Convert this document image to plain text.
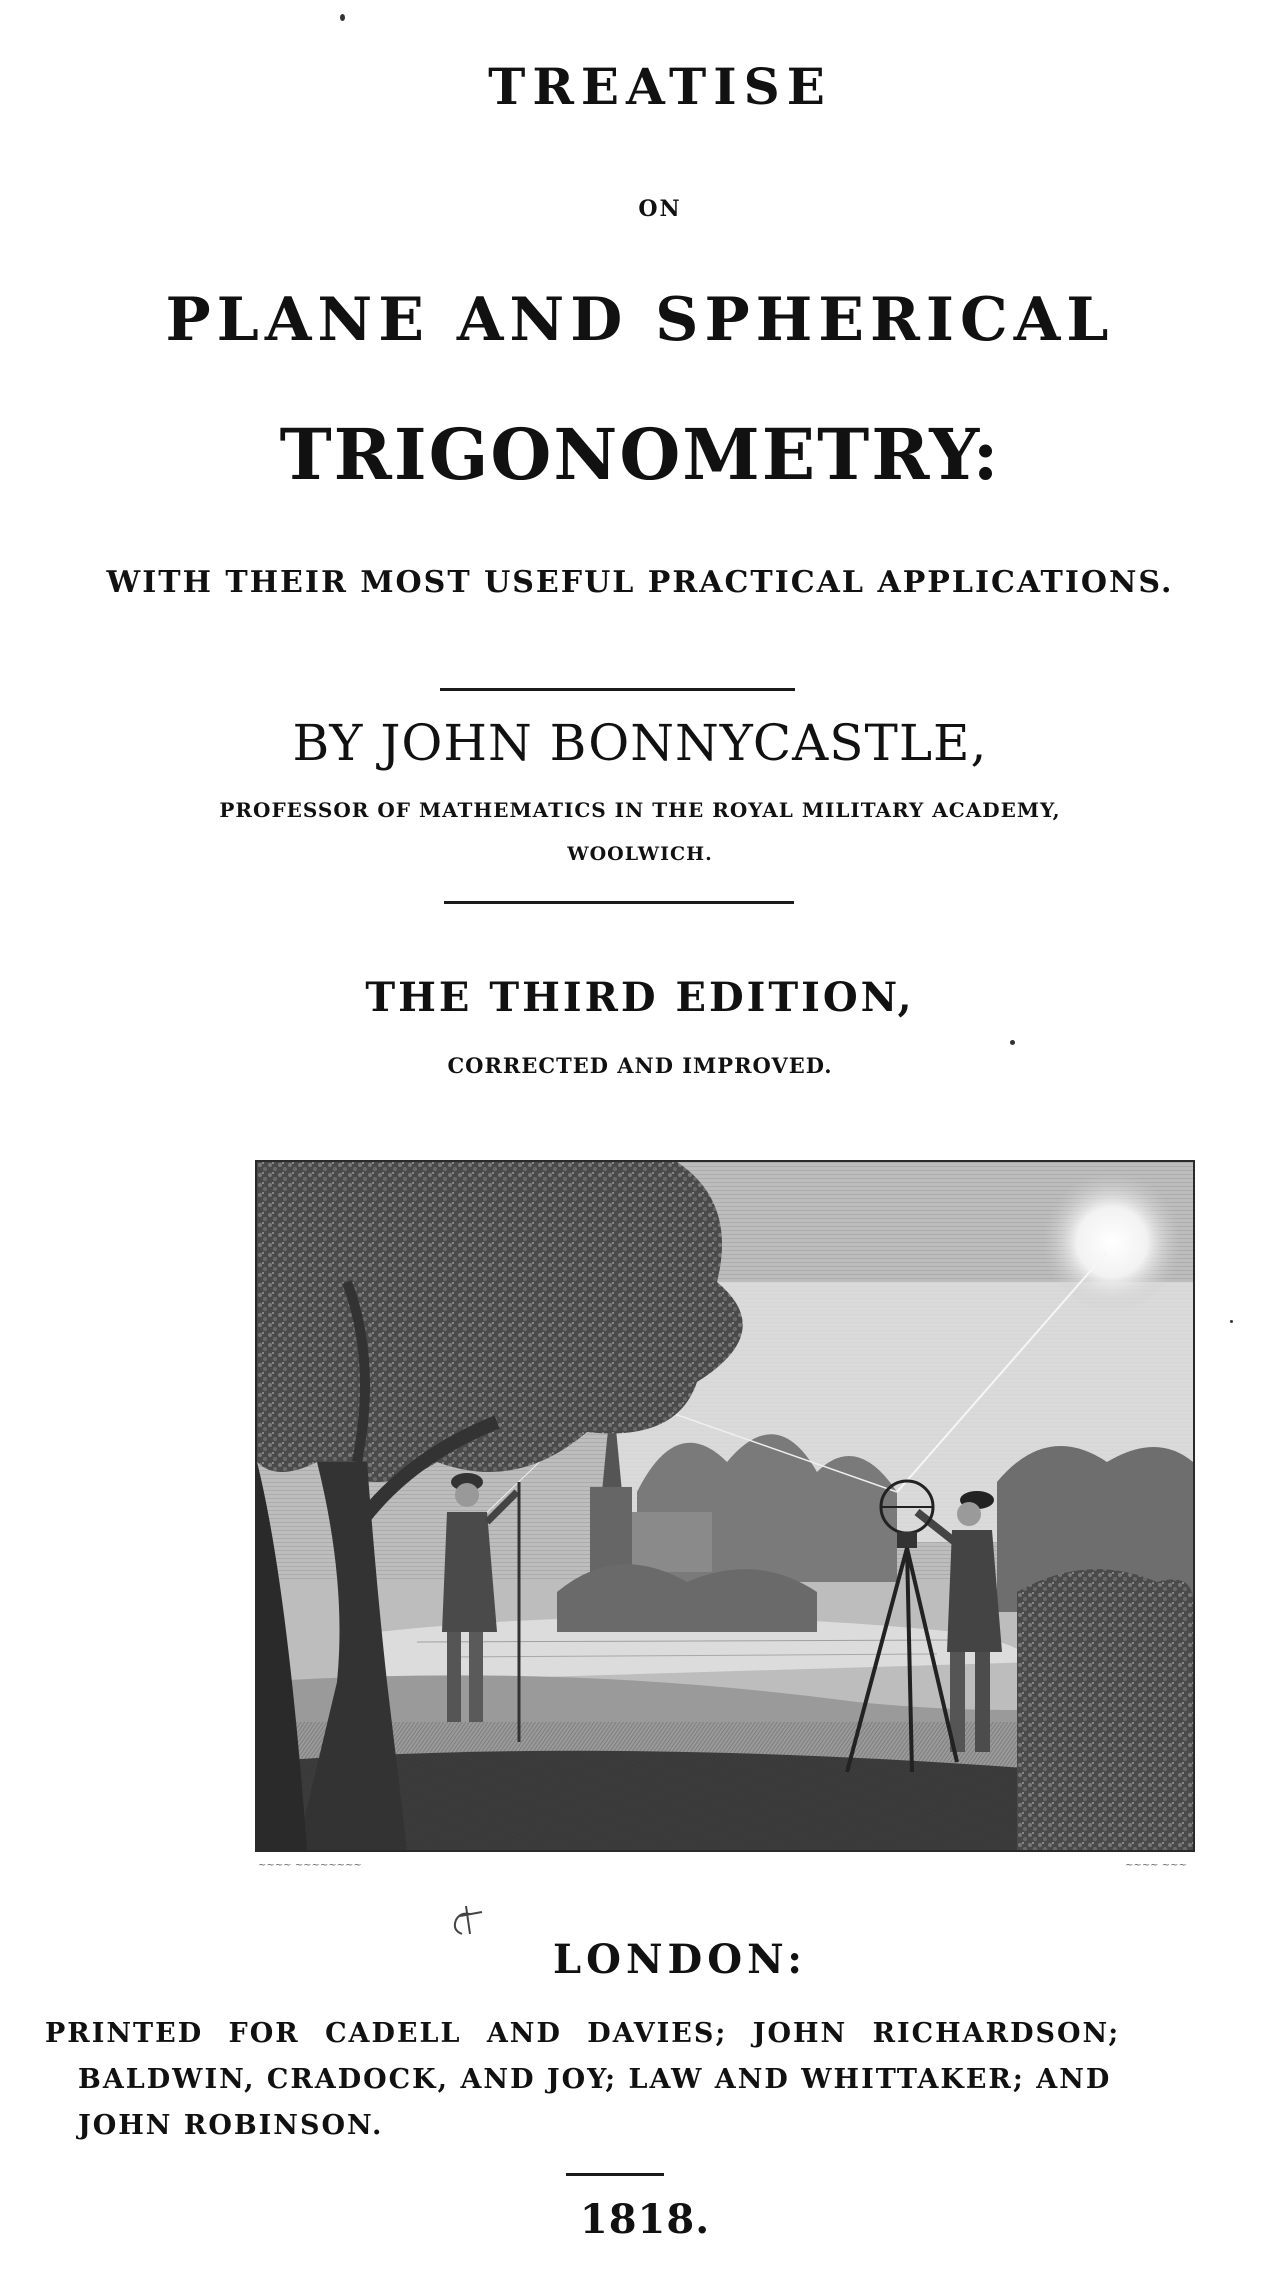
TREATISE
ON
PLANE AND SPHERICAL
TRIGONOMETRY:
WITH THEIR MOST USEFUL PRACTICAL APPLICATIONS.
BY JOHN BONNYCASTLE,
PROFESSOR OF MATHEMATICS IN THE ROYAL MILITARY ACADEMY,
WOOLWICH.
THE THIRD EDITION,
CORRECTED AND IMPROVED.
~~~~ ~~~~~~~~	~~~~ ~~~
LONDON:
PRINTED FOR CADELL AND DAVIES; JOHN RICHARDSON;
BALDWIN, CRADOCK, AND JOY; LAW AND WHITTAKER; AND
JOHN ROBINSON.
1818.
